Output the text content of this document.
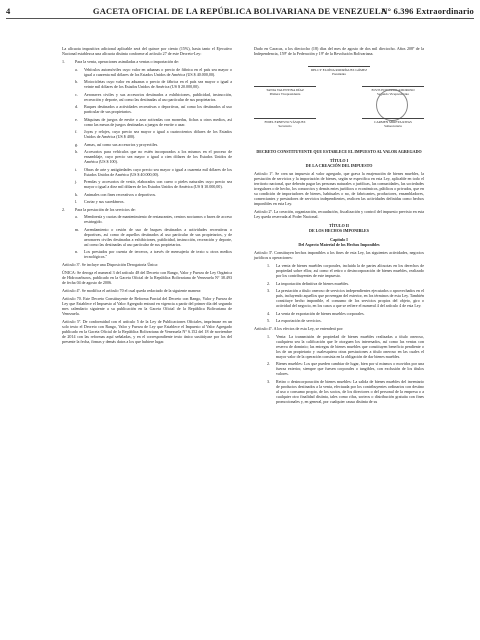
4	GACETA OFICIAL DE LA REPÚBLICA BOLIVARIANA DE VENEZUELA
N° 6.396 Extraordinario

La alícuota impositiva adicional aplicable será del quince por ciento (15%), hasta tanto el Ejecutivo Nacional establezca una alícuota distinta conforme al artículo 27 de este Decreto-Ley:

1.	Para la venta, operaciones asimiladas a ventas o importación de:
a.	Vehículos automóviles cuyo valor en aduanas o precio de fábrica en el país sea mayor o igual a cuarenta mil dólares de los Estados Unidos de América (US $ 40.000,00).
b.	Motocicletas cuyo valor en aduanas o precio de fábrica en el país sea mayor o igual a veinte mil dólares de los Estados Unidos de América (US $ 20.000,00).
c.	Aeronaves civiles y sus accesorios destinados a exhibiciones, publicidad, instrucción, recreación y deporte, así como las destinadas al uso particular de sus propietarios.
d.	Buques destinados a actividades recreativas o deportivas, así como los destinados al uso particular de sus propietarios.
e.	Máquinas de juegos de envite o azar activadas con monedas, fichas u otros medios, así como las mesas de juegos destinadas a juegos de envite o azar.
f.	Joyas y relojes, cuyo precio sea mayor o igual a cuatrocientos dólares de los Estados Unidos de América (US $ 400).
g.	Armas, así como sus accesorios y proyectiles.
h.	Accesorios para vehículos que no estén incorporados a los mismos en el proceso de ensamblaje, cuyo precio sea mayor o igual a cien dólares de los Estados Unidos de América (US $ 100).
i.	Obras de arte y antigüedades cuyo precio sea mayor o igual a cuarenta mil dólares de los Estados Unidos de América (US $ 40.000,00).
j.	Prendas y accesorios de vestir, elaborados con cuero o pieles naturales cuyo precio sea mayor o igual a diez mil dólares de los Estados Unidos de América (US $ 10.000,00).
k.	Animales con fines recreativos o deportivos.
l.	Caviar y sus sucedáneos.
2.	Para la prestación de los servicios de:
a.	Membresía y cuotas de mantenimiento de restaurantes, centros nocturnos o bares de acceso restringido.
m.	Arrendamiento o cesión de uso de buques destinados a actividades recreativas o deportivas, así como de aquellos destinados al uso particular de sus propietarios, y de aeronaves civiles destinadas a exhibiciones, publicidad, instrucción, recreación y deporte, así como las destinadas al uso particular de sus propietarios.
n.	Los prestados por cuenta de terceros, a través de mensajería de texto u otros medios tecnológicos."

Artículo 3º. Se incluye una Disposición Derogatoria Única:

ÚNICA: Se deroga el numeral 3 del artículo 48 del Decreto con Rango, Valor y Fuerza de Ley Orgánica de Hidrocarburos, publicado en la Gaceta Oficial de la República Bolivariana de Venezuela N° 38.493 de fecha 04 de agosto de 2006.

Artículo 4º. Se modifica el artículo 70 el cual queda redactado de la siguiente manera:

Artículo 70. Este Decreto Constituyente de Reforma Parcial del Decreto con Rango, Valor y Fuerza de Ley que Establece el Impuesto al Valor Agregado entrará en vigencia a partir del primer día del segundo mes calendario siguiente a su publicación en la Gaceta Oficial de la República Bolivariana de Venezuela.

Artículo 5º. De conformidad con el artículo 5 de la Ley de Publicaciones Oficiales, imprímase en un solo texto el Decreto con Rango, Valor y Fuerza de Ley que Establece el Impuesto al Valor Agregado publicado en la Gaceta Oficial de la República Bolivariana de Venezuela N° 6.152 del 18 de noviembre de 2014 con las reformas aquí señaladas, y en el correspondiente texto único sustitúyase por los del presente la fecha, firmas y demás datos a los que hubiere lugar.

Dado en Caracas, a los dieciocho (18) días del mes de agosto de dos mil dieciocho. Años 208º de la Independencia, 159º de la Federación y 19º de la Revolución Bolivariana.

DELCY ELOÍNA RODRÍGUEZ GÓMEZ
Presidenta
TANIA VALENTINA DÍAZ
Primera Vicepresidenta
ELVIS EDUARDO AMOROSO
Segundo Vicepresidente
FIDEL ERNESTO VÁSQUEZ
Secretario
CARMEN MIREYA RIVAS
Subsecretaria
DECRETO CONSTITUYENTE QUE ESTABLECE EL IMPUESTO AL VALOR AGREGADO
TÍTULO I
DE LA CREACIÓN DEL IMPUESTO

Artículo 1º. Se crea un impuesto al valor agregado, que grava la enajenación de bienes muebles, la prestación de servicios y la importación de bienes, según se especifica en esta Ley, aplicable en todo el territorio nacional, que deberán pagar las personas naturales o jurídicas, las comunidades, las sociedades irregulares o de hecho, los consorcios y demás entes jurídicos o económicos, públicos o privados, que en su condición de importadores de bienes, habituales o no, de fabricantes, productores, ensambladores, comerciantes y prestadores de servicios independientes, realicen las actividades definidas como hechos imponibles en esta Ley.

Artículo 2º. La creación, organización, recaudación, fiscalización y control del impuesto previsto en esta Ley queda reservada al Poder Nacional.

TÍTULO II
DE LOS HECHOS IMPONIBLES
Capítulo I
Del Aspecto Material de los Hechos Imponibles

Artículo 3º. Constituyen hechos imponibles a los fines de esta Ley, las siguientes actividades, negocios jurídicos u operaciones:

1.	La venta de bienes muebles corporales, incluida la de partes alícuotas en los derechos de propiedad sobre ellos; así como el retiro o desincorporación de bienes muebles, realizado por los contribuyentes de este impuesto.
2.	La importación definitiva de bienes muebles.
3.	La prestación a título oneroso de servicios independientes ejecutados o aprovechados en el país, incluyendo aquellos que provengan del exterior, en los términos de esta Ley. También constituye hecho imponible, el consumo de los servicios propios del objeto, giro o actividad del negocio, en los casos a que se refiere el numeral 4 del artículo 4 de esta Ley.
4.	La venta de exportación de bienes muebles corporales.
5.	La exportación de servicios.

Artículo 4º. A los efectos de esta Ley, se entenderá por:

1.	Venta: La transmisión de propiedad de bienes muebles realizadas a título oneroso, cualquiera sea la calificación que le otorguen los interesados, así como las ventas con reserva de dominio; las entregas de bienes muebles que constituyen beneficio pendiente o los de un propietario y cualesquiera otras prestaciones a título oneroso en las cuales el mayor valor de la operación consista en la obligación de dar bienes muebles.
2.	Bienes muebles: Los que pueden cambiar de lugar, bien por sí mismos o movidos por una fuerza exterior, siempre que fuesen corporales o tangibles, con exclusión de los títulos valores.
3.	Retiro o desincorporación de bienes muebles: La salida de bienes muebles del inventario de productos destinados a la venta, efectuada por los contribuyentes ordinarios con destino al uso o consumo propio, de los socios, de los directores o del personal de la empresa o a cualquier otro finalidad distinta, tales como rifas, sorteos o distribución gratuita con fines promocionales y, en general, por cualquier causa distinta de su
